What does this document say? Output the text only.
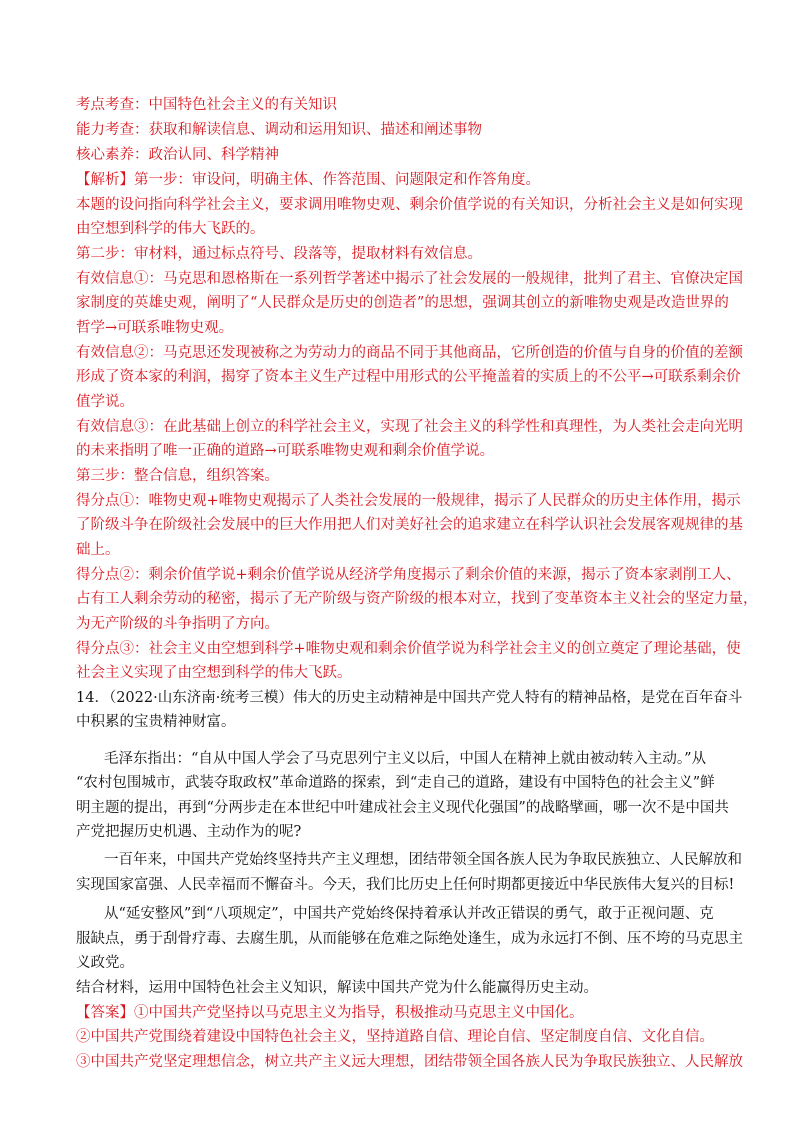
考点考查：中国特色社会主义的有关知识
能力考查：获取和解读信息、调动和运用知识、描述和阐述事物
核心素养：政治认同、科学精神
【解析】第一步：审设问，明确主体、作答范围、问题限定和作答角度。
本题的设问指向科学社会主义，要求调用唯物史观、剩余价值学说的有关知识，分析社会主义是如何实现
由空想到科学的伟大飞跃的。
第二步：审材料，通过标点符号、段落等，提取材料有效信息。
有效信息①：马克思和恩格斯在一系列哲学著述中揭示了社会发展的一般规律，批判了君主、官僚决定国
家制度的英雄史观，阐明了“人民群众是历史的创造者”的思想，强调其创立的新唯物史观是改造世界的
哲学→可联系唯物史观。
有效信息②：马克思还发现被称之为劳动力的商品不同于其他商品，它所创造的价值与自身的价值的差额
形成了资本家的利润，揭穿了资本主义生产过程中用形式的公平掩盖着的实质上的不公平→可联系剩余价
值学说。
有效信息③：在此基础上创立的科学社会主义，实现了社会主义的科学性和真理性，为人类社会走向光明
的未来指明了唯一正确的道路→可联系唯物史观和剩余价值学说。
第三步：整合信息，组织答案。
得分点①：唯物史观+唯物史观揭示了人类社会发展的一般规律，揭示了人民群众的历史主体作用，揭示
了阶级斗争在阶级社会发展中的巨大作用把人们对美好社会的追求建立在科学认识社会发展客观规律的基
础上。
得分点②：剩余价值学说+剩余价值学说从经济学角度揭示了剩余价值的来源，揭示了资本家剥削工人、
占有工人剩余劳动的秘密，揭示了无产阶级与资产阶级的根本对立，找到了变革资本主义社会的坚定力量，
为无产阶级的斗争指明了方向。
得分点③：社会主义由空想到科学+唯物史观和剩余价值学说为科学社会主义的创立奠定了理论基础，使
社会主义实现了由空想到科学的伟大飞跃。
14．（2022·山东济南·统考三模）伟大的历史主动精神是中国共产党人特有的精神品格，是党在百年奋斗
中积累的宝贵精神财富。
毛泽东指出：“自从中国人学会了马克思列宁主义以后，中国人在精神上就由被动转入主动。”从
“农村包围城市，武装夺取政权”革命道路的探索，到“走自己的道路，建设有中国特色的社会主义”鲜
明主题的提出，再到“分两步走在本世纪中叶建成社会主义现代化强国”的战略擘画，哪一次不是中国共
产党把握历史机遇、主动作为的呢?
一百年来，中国共产党始终坚持共产主义理想，团结带领全国各族人民为争取民族独立、人民解放和
实现国家富强、人民幸福而不懈奋斗。今天，我们比历史上任何时期都更接近中华民族伟大复兴的目标!
从“延安整风”到“八项规定”，中国共产党始终保持着承认并改正错误的勇气，敢于正视问题、克
服缺点，勇于刮骨疗毒、去腐生肌，从而能够在危难之际绝处逢生，成为永远打不倒、压不垮的马克思主
义政党。
结合材料，运用中国特色社会主义知识，解读中国共产党为什么能赢得历史主动。
【答案】①中国共产党坚持以马克思主义为指导，积极推动马克思主义中国化。
②中国共产党围绕着建设中国特色社会主义，坚持道路自信、理论自信、坚定制度自信、文化自信。
③中国共产党坚定理想信念，树立共产主义远大理想，团结带领全国各族人民为争取民族独立、人民解放
